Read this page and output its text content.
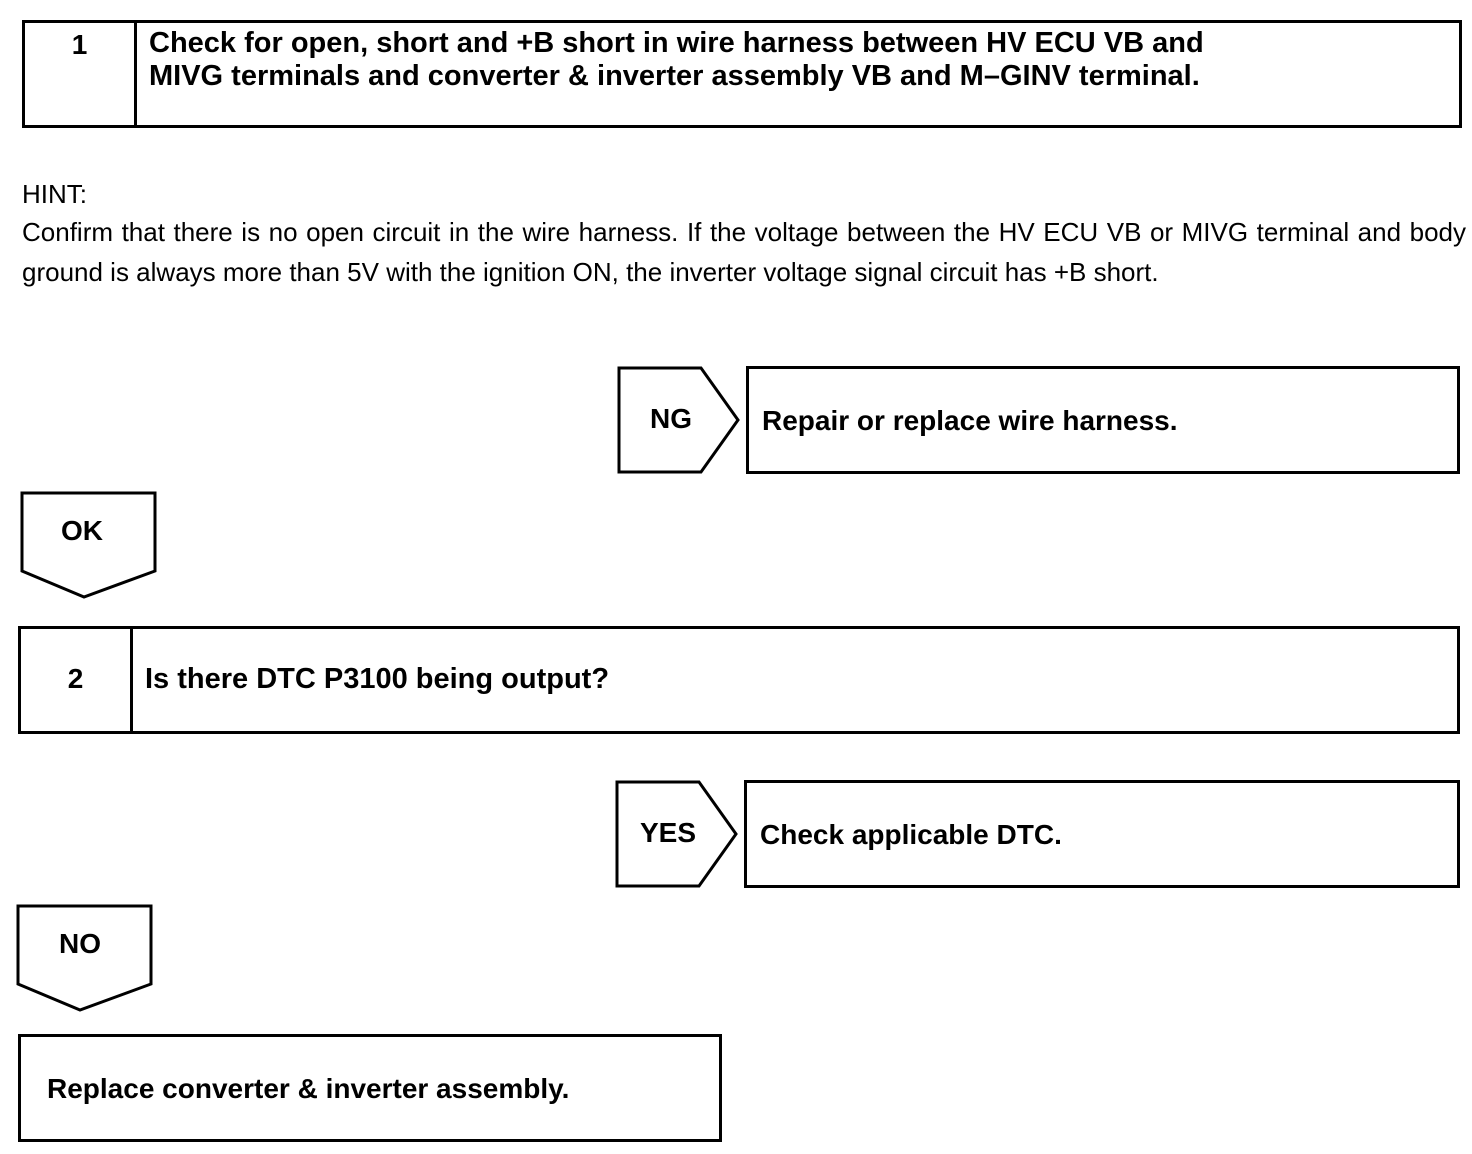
1	Check for open, short and +B short in wire harness between HV ECU VB and
MIVG terminals and converter & inverter assembly VB and M–GINV terminal.
HINT:
Confirm that there is no open circuit in the wire harness. If the voltage between the HV ECU VB or MIVG terminal and body ground is always more than 5V with the ignition ON, the inverter voltage signal circuit has +B short.
NG	Repair or replace wire harness.
OK
2	Is there DTC P3100 being output?
YES Check applicable DTC.
NO
Replace converter & inverter assembly.
